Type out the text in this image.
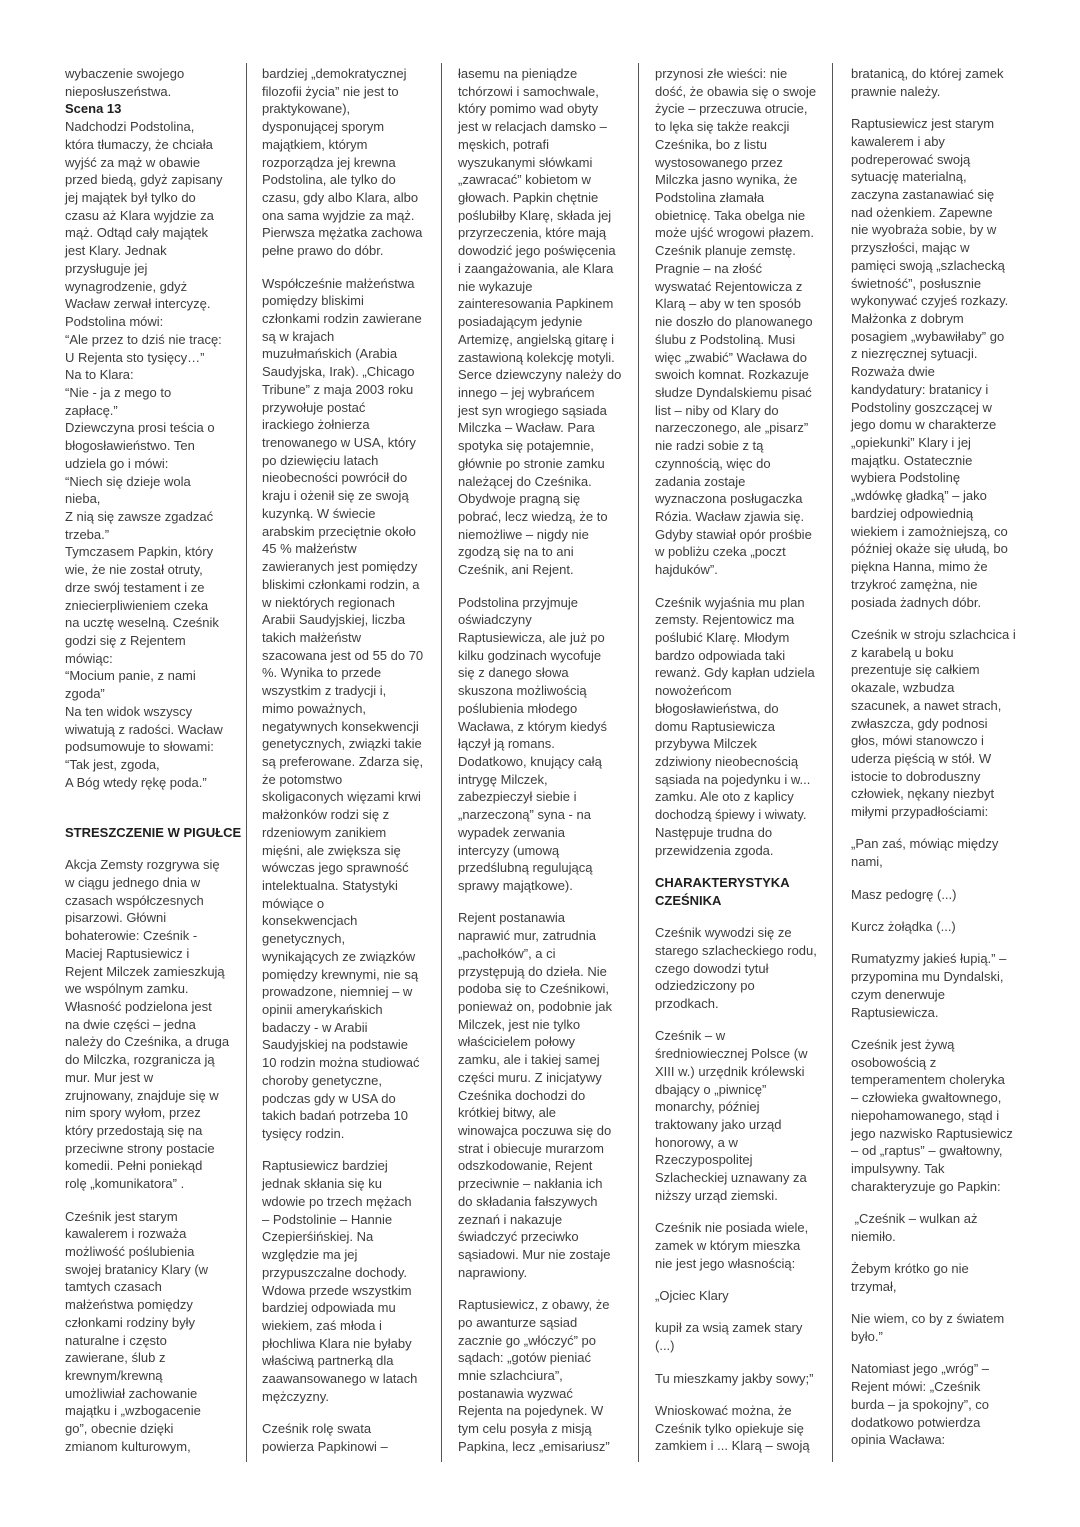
wybaczenie swojego
nieposłuszeństwa.

Scena 13

Nadchodzi Podstolina,
która tłumaczy, że chciała
wyjść za mąż w obawie
przed biedą, gdyż zapisany
jej majątek był tylko do
czasu aż Klara wyjdzie za
mąż. Odtąd cały majątek
jest Klary. Jednak
przysługuje jej
wynagrodzenie, gdyż
Wacław zerwał intercyzę.
Podstolina mówi:
“Ale przez to dziś nie tracę:
U Rejenta sto tysięcy…”
Na to Klara:
“Nie - ja z mego to
zapłacę.”
Dziewczyna prosi teścia o
błogosławieństwo. Ten
udziela go i mówi:
“Niech się dzieje wola
nieba,
Z nią się zawsze zgadzać
trzeba.”
Tymczasem Papkin, który
wie, że nie został otruty,
drze swój testament i ze
zniecierpliwieniem czeka
na ucztę weselną. Cześnik
godzi się z Rejentem
mówiąc:
“Mocium panie, z nami
zgoda”
Na ten widok wszyscy
wiwatują z radości. Wacław
podsumowuje to słowami:
“Tak jest, zgoda,
A Bóg wtedy rękę poda.”

STRESZCZENIE W PIGUŁCE

Akcja Zemsty rozgrywa się
w ciągu jednego dnia w
czasach współczesnych
pisarzowi. Główni
bohaterowie: Cześnik -
Maciej Raptusiewicz i
Rejent Milczek zamieszkują
we wspólnym zamku.
Własność podzielona jest
na dwie części – jedna
należy do Cześnika, a druga
do Milczka, rozgranicza ją
mur. Mur jest w
zrujnowany, znajduje się w
nim spory wyłom, przez
który przedostają się na
przeciwne strony postacie
komedii. Pełni poniekąd
rolę „komunikatora” .

Cześnik jest starym
kawalerem i rozważa
możliwość poślubienia
swojej bratanicy Klary (w
tamtych czasach
małżeństwa pomiędzy
członkami rodziny były
naturalne i często
zawierane, ślub z
krewnym/krewną
umożliwiał zachowanie
majątku i „wzbogacenie
go”, obecnie dzięki
zmianom kulturowym,

bardziej „demokratycznej
filozofii życia” nie jest to
praktykowane),
dysponującej sporym
majątkiem, którym
rozporządza jej krewna
Podstolina, ale tylko do
czasu, gdy albo Klara, albo
ona sama wyjdzie za mąż.
Pierwsza mężatka zachowa
pełne prawo do dóbr.

Współcześnie małżeństwa
pomiędzy bliskimi
członkami rodzin zawierane
są w krajach
muzułmańskich (Arabia
Saudyjska, Irak). „Chicago
Tribune” z maja 2003 roku
przywołuje postać
irackiego żołnierza
trenowanego w USA, który
po dziewięciu latach
nieobecności powrócił do
kraju i ożenił się ze swoją
kuzynką. W świecie
arabskim przeciętnie około
45 % małżeństw
zawieranych jest pomiędzy
bliskimi członkami rodzin, a
w niektórych regionach
Arabii Saudyjskiej, liczba
takich małżeństw
szacowana jest od 55 do 70
%. Wynika to przede
wszystkim z tradycji i,
mimo poważnych,
negatywnych konsekwencji
genetycznych, związki takie
są preferowane. Zdarza się,
że potomstwo
skoligaconych więzami krwi
małżonków rodzi się z
rdzeniowym zanikiem
mięśni, ale zwiększa się
wówczas jego sprawność
intelektualna. Statystyki
mówiące o
konsekwencjach
genetycznych,
wynikających ze związków
pomiędzy krewnymi, nie są
prowadzone, niemniej – w
opinii amerykańskich
badaczy - w Arabii
Saudyjskiej na podstawie
10 rodzin można studiować
choroby genetyczne,
podczas gdy w USA do
takich badań potrzeba 10
tysięcy rodzin.

Raptusiewicz bardziej
jednak skłania się ku
wdowie po trzech mężach
– Podstolinie – Hannie
Czepierśińskiej. Na
względzie ma jej
przypuszczalne dochody.
Wdowa przede wszystkim
bardziej odpowiada mu
wiekiem, zaś młoda i
płochliwa Klara nie byłaby
właściwą partnerką dla
zaawansowanego w latach
mężczyzny.

Cześnik rolę swata
powierza Papkinowi –

łasemu na pieniądze
tchórzowi i samochwale,
który pomimo wad obyty
jest w relacjach damsko –
męskich, potrafi
wyszukanymi słówkami
„zawracać” kobietom w
głowach. Papkin chętnie
poślubiłby Klarę, składa jej
przyrzeczenia, które mają
dowodzić jego poświęcenia
i zaangażowania, ale Klara
nie wykazuje
zainteresowania Papkinem
posiadającym jedynie
Artemizę, angielską gitarę i
zastawioną kolekcję motyli.
Serce dziewczyny należy do
innego – jej wybrańcem
jest syn wrogiego sąsiada
Milczka – Wacław. Para
spotyka się potajemnie,
głównie po stronie zamku
należącej do Cześnika.
Obydwoje pragną się
pobrać, lecz wiedzą, że to
niemożliwe – nigdy nie
zgodzą się na to ani
Cześnik, ani Rejent.

Podstolina przyjmuje
oświadczyny
Raptusiewicza, ale już po
kilku godzinach wycofuje
się z danego słowa
skuszona możliwością
poślubienia młodego
Wacława, z którym kiedyś
łączył ją romans.
Dodatkowo, knujący całą
intrygę Milczek,
zabezpieczył siebie i
„narzeczoną” syna - na
wypadek zerwania
intercyzy (umową
przedślubną regulującą
sprawy majątkowe).

Rejent postanawia
naprawić mur, zatrudnia
„pachołków”, a ci
przystępują do dzieła. Nie
podoba się to Cześnikowi,
ponieważ on, podobnie jak
Milczek, jest nie tylko
właścicielem połowy
zamku, ale i takiej samej
części muru. Z inicjatywy
Cześnika dochodzi do
krótkiej bitwy, ale
winowajca poczuwa się do
strat i obiecuje murarzom
odszkodowanie, Rejent
przeciwnie – nakłania ich
do składania fałszywych
zeznań i nakazuje
świadczyć przeciwko
sąsiadowi. Mur nie zostaje
naprawiony.

Raptusiewicz, z obawy, że
po awanturze sąsiad
zacznie go „włóczyć” po
sądach: „gotów pieniać
mnie szlachciura”,
postanawia wyzwać
Rejenta na pojedynek. W
tym celu posyła z misją
Papkina, lecz „emisariusz”

przynosi złe wieści: nie
dość, że obawia się o swoje
życie – przeczuwa otrucie,
to lęka się także reakcji
Cześnika, bo z listu
wystosowanego przez
Milczka jasno wynika, że
Podstolina złamała
obietnicę. Taka obelga nie
może ujść wrogowi płazem.
Cześnik planuje zemstę.
Pragnie – na złość
wyswatać Rejentowicza z
Klarą – aby w ten sposób
nie doszło do planowanego
ślubu z Podstoliną. Musi
więc „zwabić” Wacława do
swoich komnat. Rozkazuje
słudze Dyndalskiemu pisać
list – niby od Klary do
narzeczonego, ale „pisarz”
nie radzi sobie z tą
czynnością, więc do
zadania zostaje
wyznaczona posługaczka
Rózia. Wacław zjawia się.
Gdyby stawiał opór prośbie
w pobliżu czeka „poczt
hajduków”.

Cześnik wyjaśnia mu plan
zemsty. Rejentowicz ma
poślubić Klarę. Młodym
bardzo odpowiada taki
rewanż. Gdy kapłan udziela
nowożeńcom
błogosławieństwa, do
domu Raptusiewicza
przybywa Milczek
zdziwiony nieobecnością
sąsiada na pojedynku i w...
zamku. Ale oto z kaplicy
dochodzą śpiewy i wiwaty.
Następuje trudna do
przewidzenia zgoda.

CHARAKTERYSTYKA
CZEŚNIKA

Cześnik wywodzi się ze
starego szlacheckiego rodu,
czego dowodzi tytuł
odziedziczony po
przodkach.

Cześnik – w
średniowiecznej Polsce (w
XIII w.) urzędnik królewski
dbający o „piwnicę”
monarchy, później
traktowany jako urząd
honorowy, a w
Rzeczypospolitej
Szlacheckiej uznawany za
niższy urząd ziemski.

Cześnik nie posiada wiele,
zamek w którym mieszka
nie jest jego własnością:

„Ojciec Klary

kupił za wsią zamek stary
(...)

Tu mieszkamy jakby sowy;”

Wnioskować można, że
Cześnik tylko opiekuje się
zamkiem i ... Klarą – swoją

bratanicą, do której zamek
prawnie należy.

Raptusiewicz jest starym
kawalerem i aby
podreperować swoją
sytuację materialną,
zaczyna zastanawiać się
nad ożenkiem. Zapewne
nie wyobraża sobie, by w
przyszłości, mając w
pamięci swoją „szlachecką
świetność”, posłusznie
wykonywać czyjeś rozkazy.
Małżonka z dobrym
posagiem „wybawiłaby” go
z niezręcznej sytuacji.
Rozważa dwie
kandydatury: bratanicy i
Podstoliny goszczącej w
jego domu w charakterze
„opiekunki” Klary i jej
majątku. Ostatecznie
wybiera Podstolinę
„wdówkę gładką” – jako
bardziej odpowiednią
wiekiem i zamożniejszą, co
później okaże się ułudą, bo
piękna Hanna, mimo że
trzykroć zamężna, nie
posiada żadnych dóbr.

Cześnik w stroju szlachcica i
z karabelą u boku
prezentuje się całkiem
okazale, wzbudza
szacunek, a nawet strach,
zwłaszcza, gdy podnosi
głos, mówi stanowczo i
uderza pięścią w stół. W
istocie to dobroduszny
człowiek, nękany niezbyt
miłymi przypadłościami:

„Pan zaś, mówiąc między
nami,

Masz pedogrę (...)

Kurcz żołądka (...)

Rumatyzmy jakieś łupią.” –
przypomina mu Dyndalski,
czym denerwuje
Raptusiewicza.

Cześnik jest żywą
osobowością z
temperamentem choleryka
– człowieka gwałtownego,
niepohamowanego, stąd i
jego nazwisko Raptusiewicz
– od „raptus” – gwałtowny,
impulsywny. Tak
charakteryzuje go Papkin:

„Cześnik – wulkan aż
niemiło.

Żebym krótko go nie
trzymał,

Nie wiem, co by z światem
było.”

Natomiast jego „wróg” –
Rejent mówi: „Cześnik
burda – ja spokojny”, co
dodatkowo potwierdza
opinia Wacława:
